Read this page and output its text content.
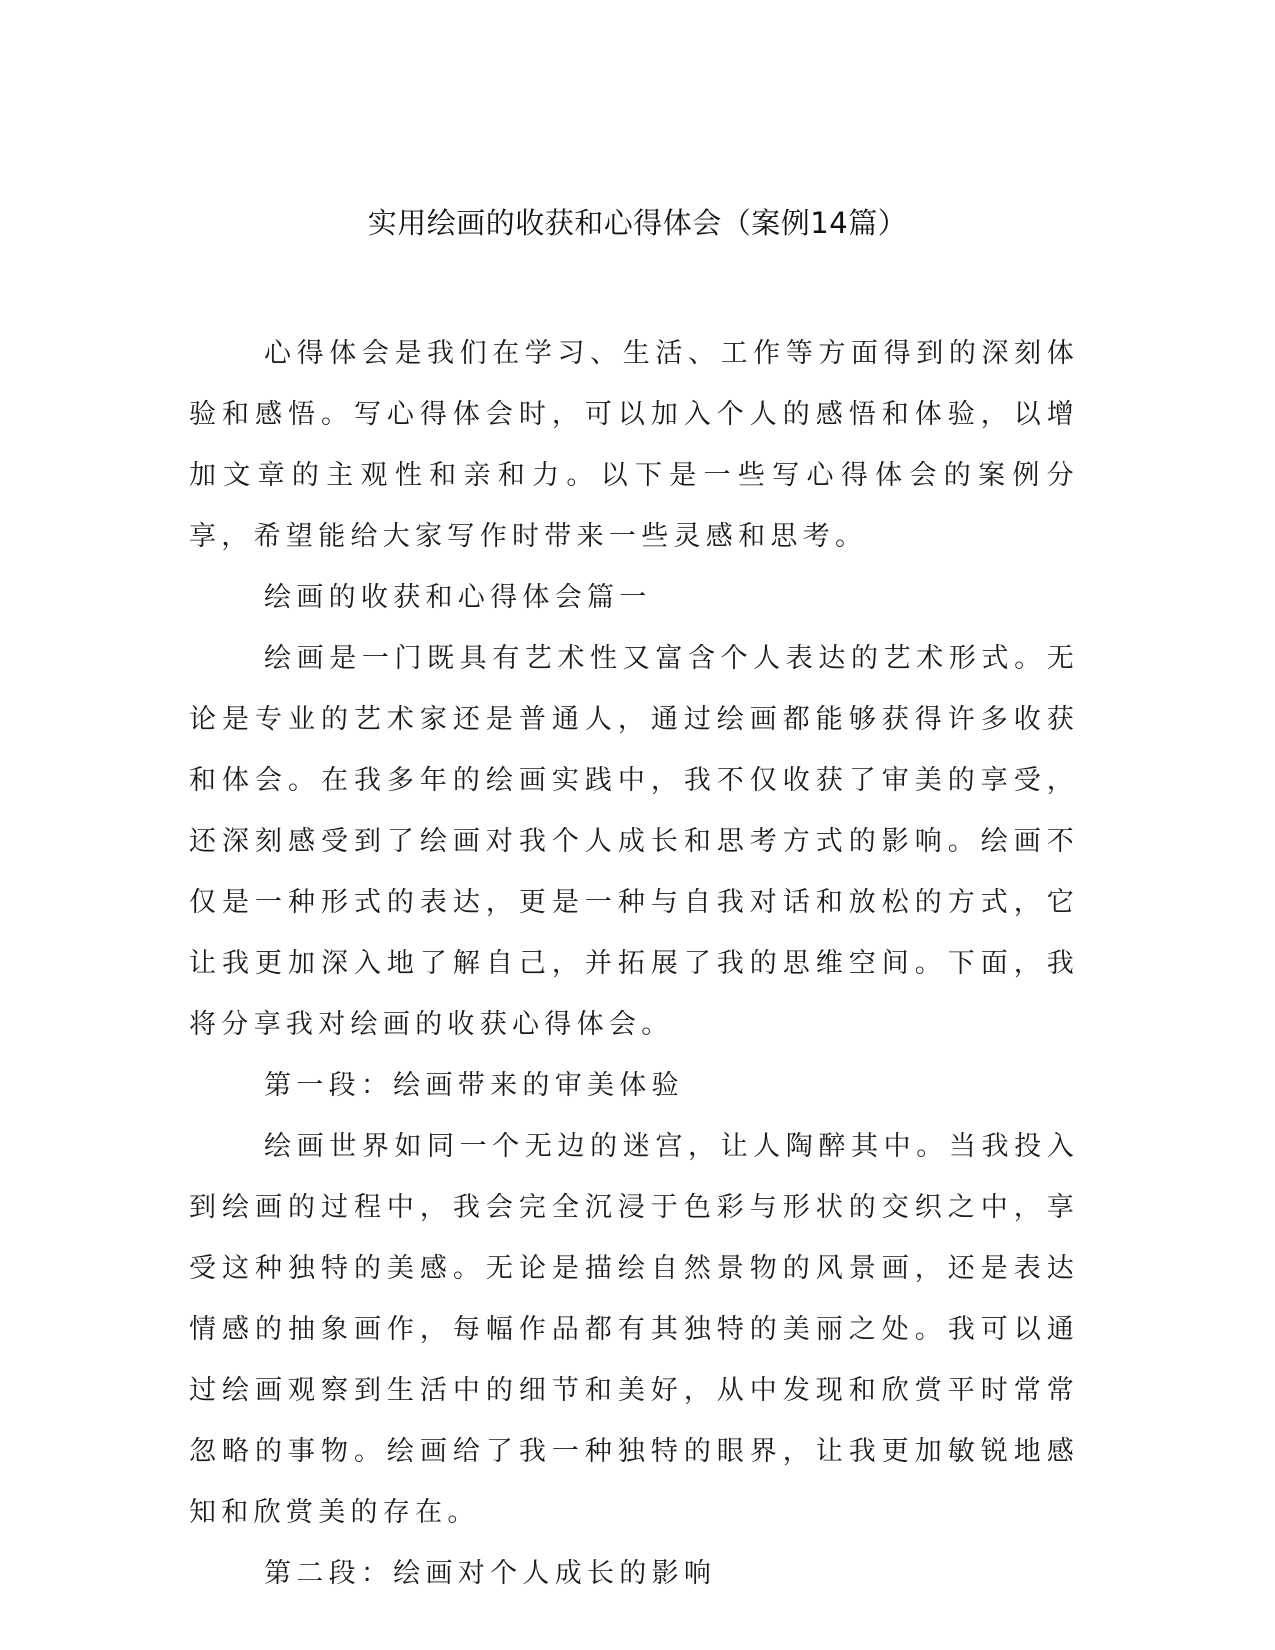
实用绘画的收获和心得体会（案例14篇）

心得体会是我们在学习、生活、工作等方面得到的深刻体验和感悟。写心得体会时，可以加入个人的感悟和体验，以增加文章的主观性和亲和力。以下是一些写心得体会的案例分享，希望能给大家写作时带来一些灵感和思考。

绘画的收获和心得体会篇一

绘画是一门既具有艺术性又富含个人表达的艺术形式。无论是专业的艺术家还是普通人，通过绘画都能够获得许多收获和体会。在我多年的绘画实践中，我不仅收获了审美的享受，还深刻感受到了绘画对我个人成长和思考方式的影响。绘画不仅是一种形式的表达，更是一种与自我对话和放松的方式，它让我更加深入地了解自己，并拓展了我的思维空间。下面，我将分享我对绘画的收获心得体会。

第一段：绘画带来的审美体验

绘画世界如同一个无边的迷宫，让人陶醉其中。当我投入到绘画的过程中，我会完全沉浸于色彩与形状的交织之中，享受这种独特的美感。无论是描绘自然景物的风景画，还是表达情感的抽象画作，每幅作品都有其独特的美丽之处。我可以通过绘画观察到生活中的细节和美好，从中发现和欣赏平时常常忽略的事物。绘画给了我一种独特的眼界，让我更加敏锐地感知和欣赏美的存在。

第二段：绘画对个人成长的影响
